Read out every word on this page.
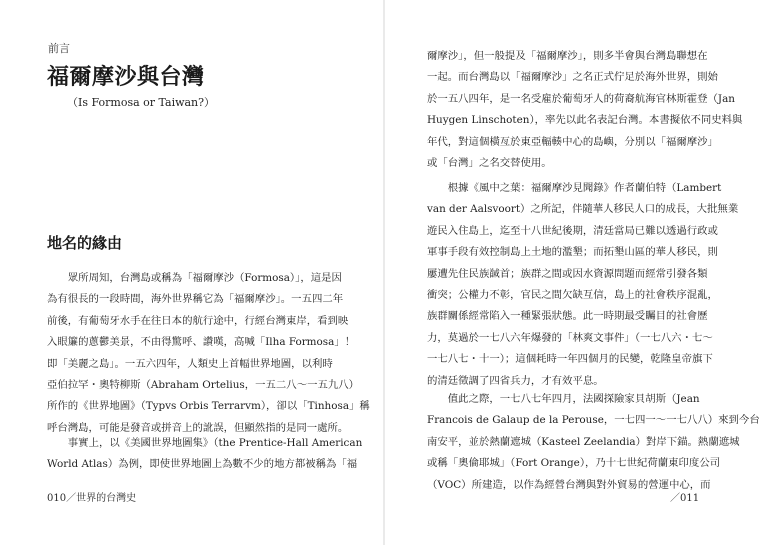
前言
福爾摩沙與台灣
（Is Formosa or Taiwan?）
地名的緣由
眾所周知，台灣島或稱為「福爾摩沙（Formosa）」，這是因
為有很長的一段時間，海外世界稱它為「福爾摩沙」。一五四二年
前後，有葡萄牙水手在往日本的航行途中，行經台灣東岸，看到映
入眼簾的蔥鬱美景，不由得驚呼、讚嘆，高喊「Ilha Formosa」！
即「美麗之島」。一五六四年，人類史上首幅世界地圖，以利時
亞伯拉罕・奧特柳斯（Abraham Ortelius，一五二八～一五九八）
所作的《世界地圖》（Typvs Orbis Terrarvm），卻以「Tinhosa」稱
呼台灣島，可能是發音或拼音上的訛誤，但顯然指的是同一處所。
事實上，以《美國世界地圖集》（the Prentice-Hall American
World Atlas）為例，即使世界地圖上為數不少的地方都被稱為「福
010／世界的台灣史
爾摩沙」，但一般提及「福爾摩沙」，則多半會與台灣島聯想在
一起。而台灣島以「福爾摩沙」之名正式佇足於海外世界，則始
於一五八四年，是一名受雇於葡萄牙人的荷裔航海官林斯霍登（Jan
Huygen Linschoten），率先以此名表記台灣。本書擬依不同史料與
年代，對這個橫亙於東亞輻輳中心的島嶼，分別以「福爾摩沙」
或「台灣」之名交替使用。
根據《風中之葉：福爾摩沙見聞錄》作者蘭伯特（Lambert
van der Aalsvoort）之所記，伴隨華人移民人口的成長，大批無業
遊民入住島上，迄至十八世紀後期，清廷當局已難以透過行政或
軍事手段有效控制島上土地的濫墾；而拓墾山區的華人移民，則
屢遭先住民族馘首；族群之間或因水資源問題而經常引發各類
衝突；公權力不彰，官民之間欠缺互信，島上的社會秩序混亂，
族群關係經常陷入一種緊張狀態。此一時期最受矚目的社會歷
力，莫過於一七八六年爆發的「林爽文事件」（一七八六・七～
一七八七・十一）；這個耗時一年四個月的民變，乾隆皇帝旗下
的清廷徵調了四省兵力，才有效平息。
值此之際，一七八七年四月，法國探險家貝胡斯（Jean
Francois de Galaup de la Perouse，一七四一～一七八八）來到今台
南安平，並於熱蘭遮城（Kasteel Zeelandia）對岸下錨。熱蘭遮城
或稱「奧倫耶城」（Fort Orange），乃十七世紀荷蘭東印度公司
（VOC）所建造，以作為經營台灣與對外貿易的營運中心，而
／011
